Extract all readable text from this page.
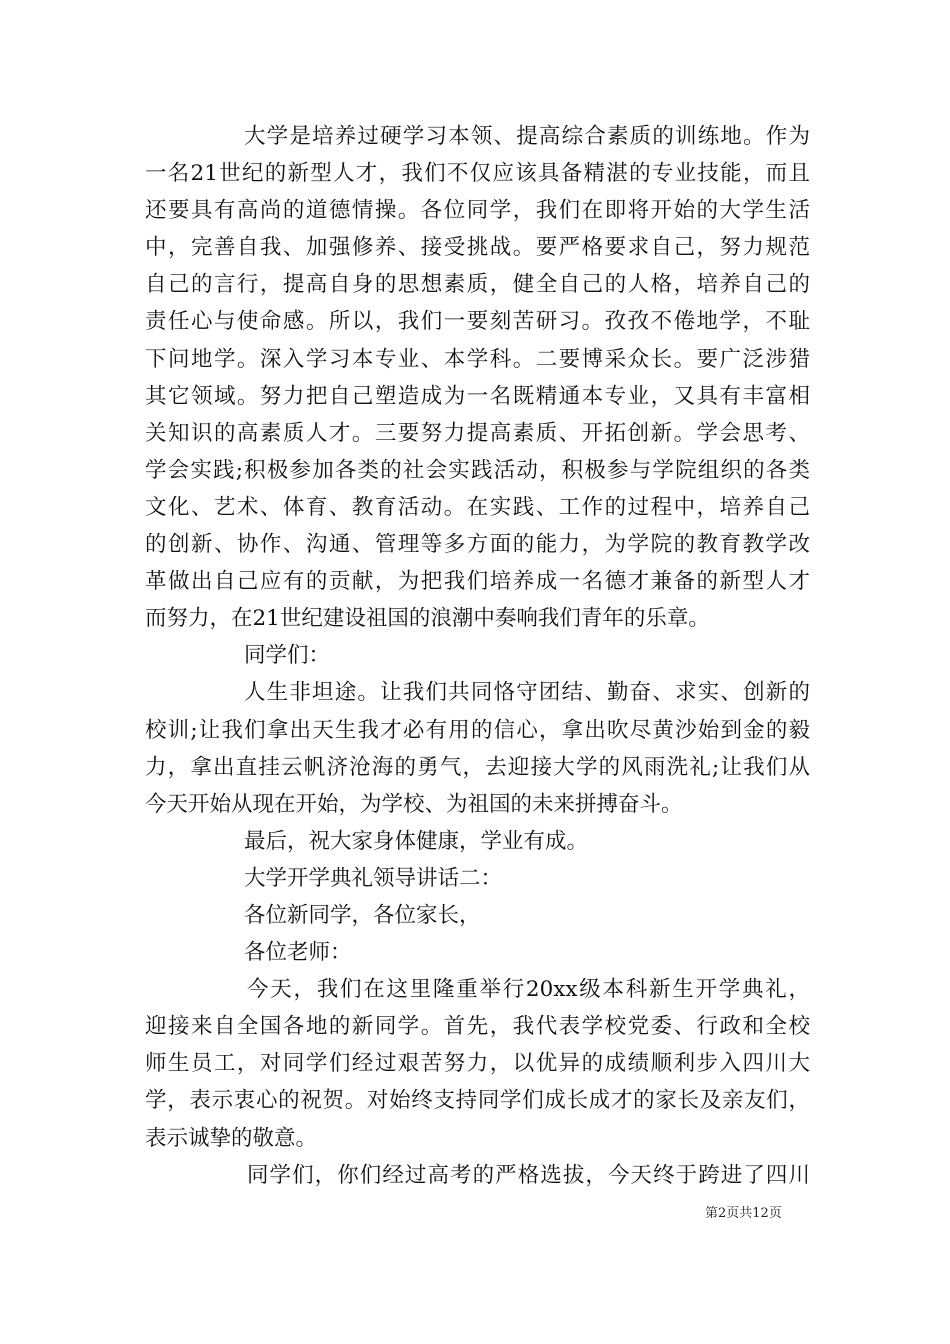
大学是培养过硬学习本领、提高综合素质的训练地。作为
一名21世纪的新型人才，我们不仅应该具备精湛的专业技能，而且
还要具有高尚的道德情操。各位同学，我们在即将开始的大学生活
中，完善自我、加强修养、接受挑战。要严格要求自己，努力规范
自己的言行，提高自身的思想素质，健全自己的人格，培养自己的
责任心与使命感。所以，我们一要刻苦研习。孜孜不倦地学，不耻
下问地学。深入学习本专业、本学科。二要博采众长。要广泛涉猎
其它领域。努力把自己塑造成为一名既精通本专业，又具有丰富相
关知识的高素质人才。三要努力提高素质、开拓创新。学会思考、
学会实践;积极参加各类的社会实践活动，积极参与学院组织的各类
文化、艺术、体育、教育活动。在实践、工作的过程中，培养自己
的创新、协作、沟通、管理等多方面的能力，为学院的教育教学改
革做出自己应有的贡献，为把我们培养成一名德才兼备的新型人才
而努力，在21世纪建设祖国的浪潮中奏响我们青年的乐章。
同学们：
人生非坦途。让我们共同恪守团结、勤奋、求实、创新的
校训;让我们拿出天生我才必有用的信心，拿出吹尽黄沙始到金的毅
力，拿出直挂云帆济沧海的勇气，去迎接大学的风雨洗礼;让我们从
今天开始从现在开始，为学校、为祖国的未来拼搏奋斗。
最后，祝大家身体健康，学业有成。
大学开学典礼领导讲话二：
各位新同学，各位家长，
各位老师：
今天，我们在这里隆重举行20xx级本科新生开学典礼，
迎接来自全国各地的新同学。首先，我代表学校党委、行政和全校
师生员工，对同学们经过艰苦努力，以优异的成绩顺利步入四川大
学，表示衷心的祝贺。对始终支持同学们成长成才的家长及亲友们，
表示诚挚的敬意。
同学们，你们经过高考的严格选拔，今天终于跨进了四川
第2页共12页
